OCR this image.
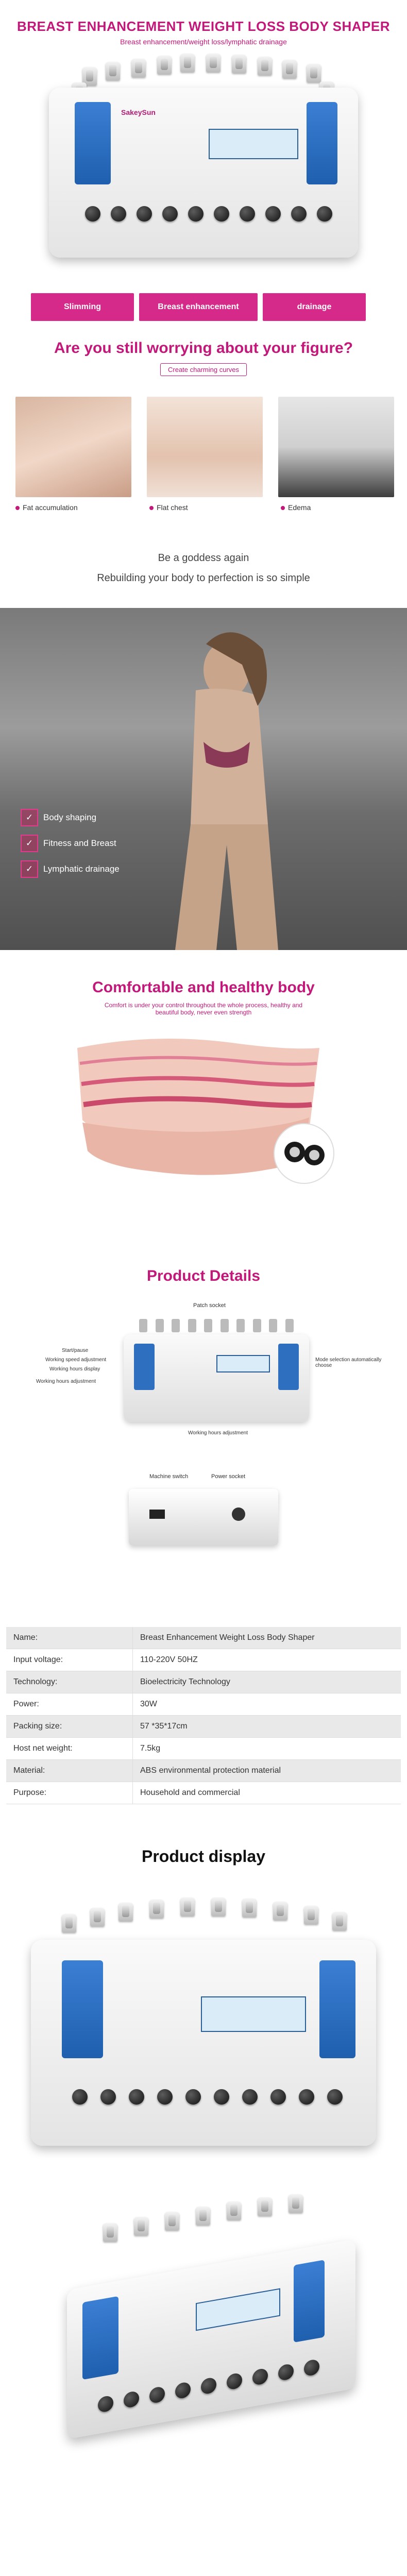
BREAST ENHANCEMENT WEIGHT LOSS BODY SHAPER
Breast enhancement/weight loss/lymphatic drainage
SakeySun
Slimming	Breast enhancement	drainage
Are you still worrying about your figure?
Create charming curves
Fat accumulation	Flat chest	Edema
Be a goddess again
Rebuilding your body to perfection is so simple
✓	Body shaping
✓	Fitness and Breast
✓	Lymphatic drainage
Comfortable and healthy body
Comfort is under your control throughout the whole process, healthy and beautiful body, never even strength
Product Details
Patch socket
Start/pause
Working speed adjustment
Working hours display
Working hours adjustment
Mode selection automatically choose
Working hours adjustment
Machine switch	Power socket
Name:	Breast Enhancement Weight Loss Body Shaper
Input voltage:	110-220V 50HZ
Technology:	Bioelectricity Technology
Power:	30W
Packing size:	57 *35*17cm
Host net weight:	7.5kg
Material:	ABS environmental protection material
Purpose:	Household and commercial
Product display
